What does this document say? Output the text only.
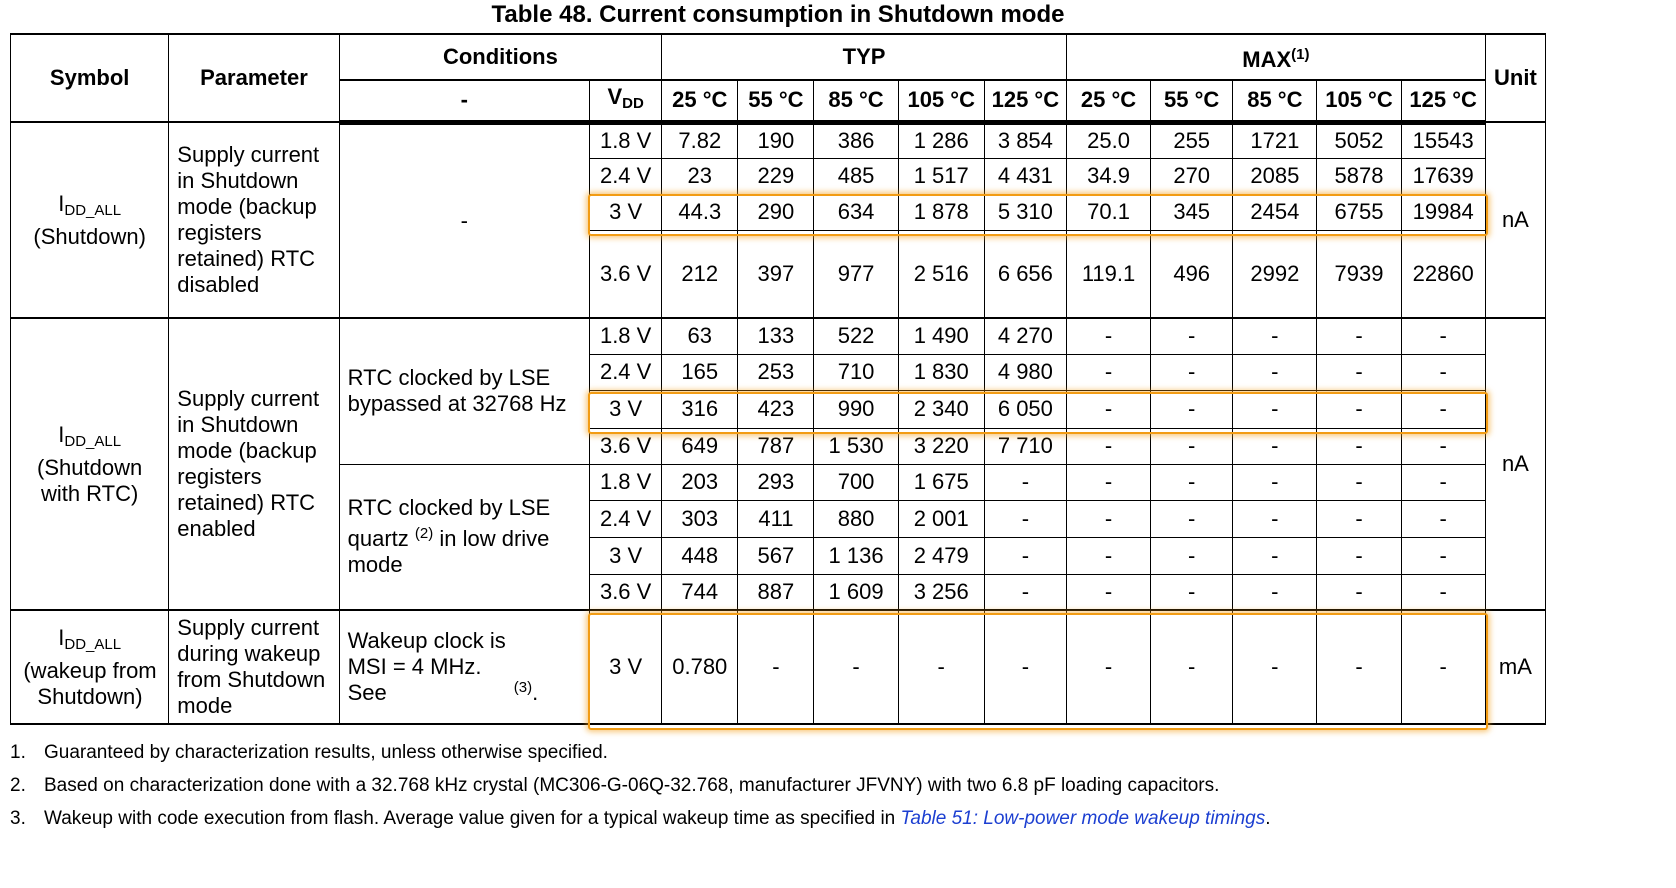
Table 48. Current consumption in Shutdown mode
Symbol	Parameter	Conditions		TYP					MAX$^{(1)}$					Unit
		-	$V_{DD}$	25 °C	55 °C	85 °C	105 °C	125 °C	25 °C	55 °C	85 °C	105 °C	125 °C	
$I_{DD\_ALL}$
(Shutdown)	Supply current in Shutdown mode (backup registers retained) RTC disabled	-	1.8 V	7.82	190	386	1 286	3 854	25.0	255	1721	5052	15543	nA
			2.4 V	23	229	485	1 517	4 431	34.9	270	2085	5878	17639	
			3 V	44.3	290	634	1 878	5 310	70.1	345	2454	6755	19984	
			3.6 V	212	397	977	2 516	6 656	119.1	496	2992	7939	22860	
$I_{DD\_ALL}$
(Shutdown with RTC)	Supply current in Shutdown mode (backup registers retained) RTC enabled	RTC clocked by LSE bypassed at 32768 Hz	1.8 V	63	133	522	1 490	4 270	-	-	-	-	-	nA
			2.4 V	165	253	710	1 830	4 980	-	-	-	-	-	
			3 V	316	423	990	2 340	6 050	-	-	-	-	-	
			3.6 V	649	787	1 530	3 220	7 710	-	-	-	-	-	
		RTC clocked by LSE quartz $^{(2)}$ in low drive mode	1.8 V	203	293	700	1 675	-	-	-	-	-	-	
			2.4 V	303	411	880	2 001	-	-	-	-	-	-	
			3 V	448	567	1 136	2 479	-	-	-	-	-	-	
			3.6 V	744	887	1 609	3 256	-	-	-	-	-	-	
$I_{DD\_ALL}$
(wakeup from Shutdown)	Supply current during wakeup from Shutdown mode	Wakeup clock is MSI = 4 MHz. See $^{(3)}$.	3 V	0.780	-	-	-	-	-	-	-	-	-	mA
1. Guaranteed by characterization results, unless otherwise specified.
2. Based on characterization done with a 32.768 kHz crystal (MC306-G-06Q-32.768, manufacturer JFVNY) with two 6.8 pF loading capacitors.
3. Wakeup with code execution from flash. Average value given for a typical wakeup time as specified in Table 51: Low-power mode wakeup timings.
